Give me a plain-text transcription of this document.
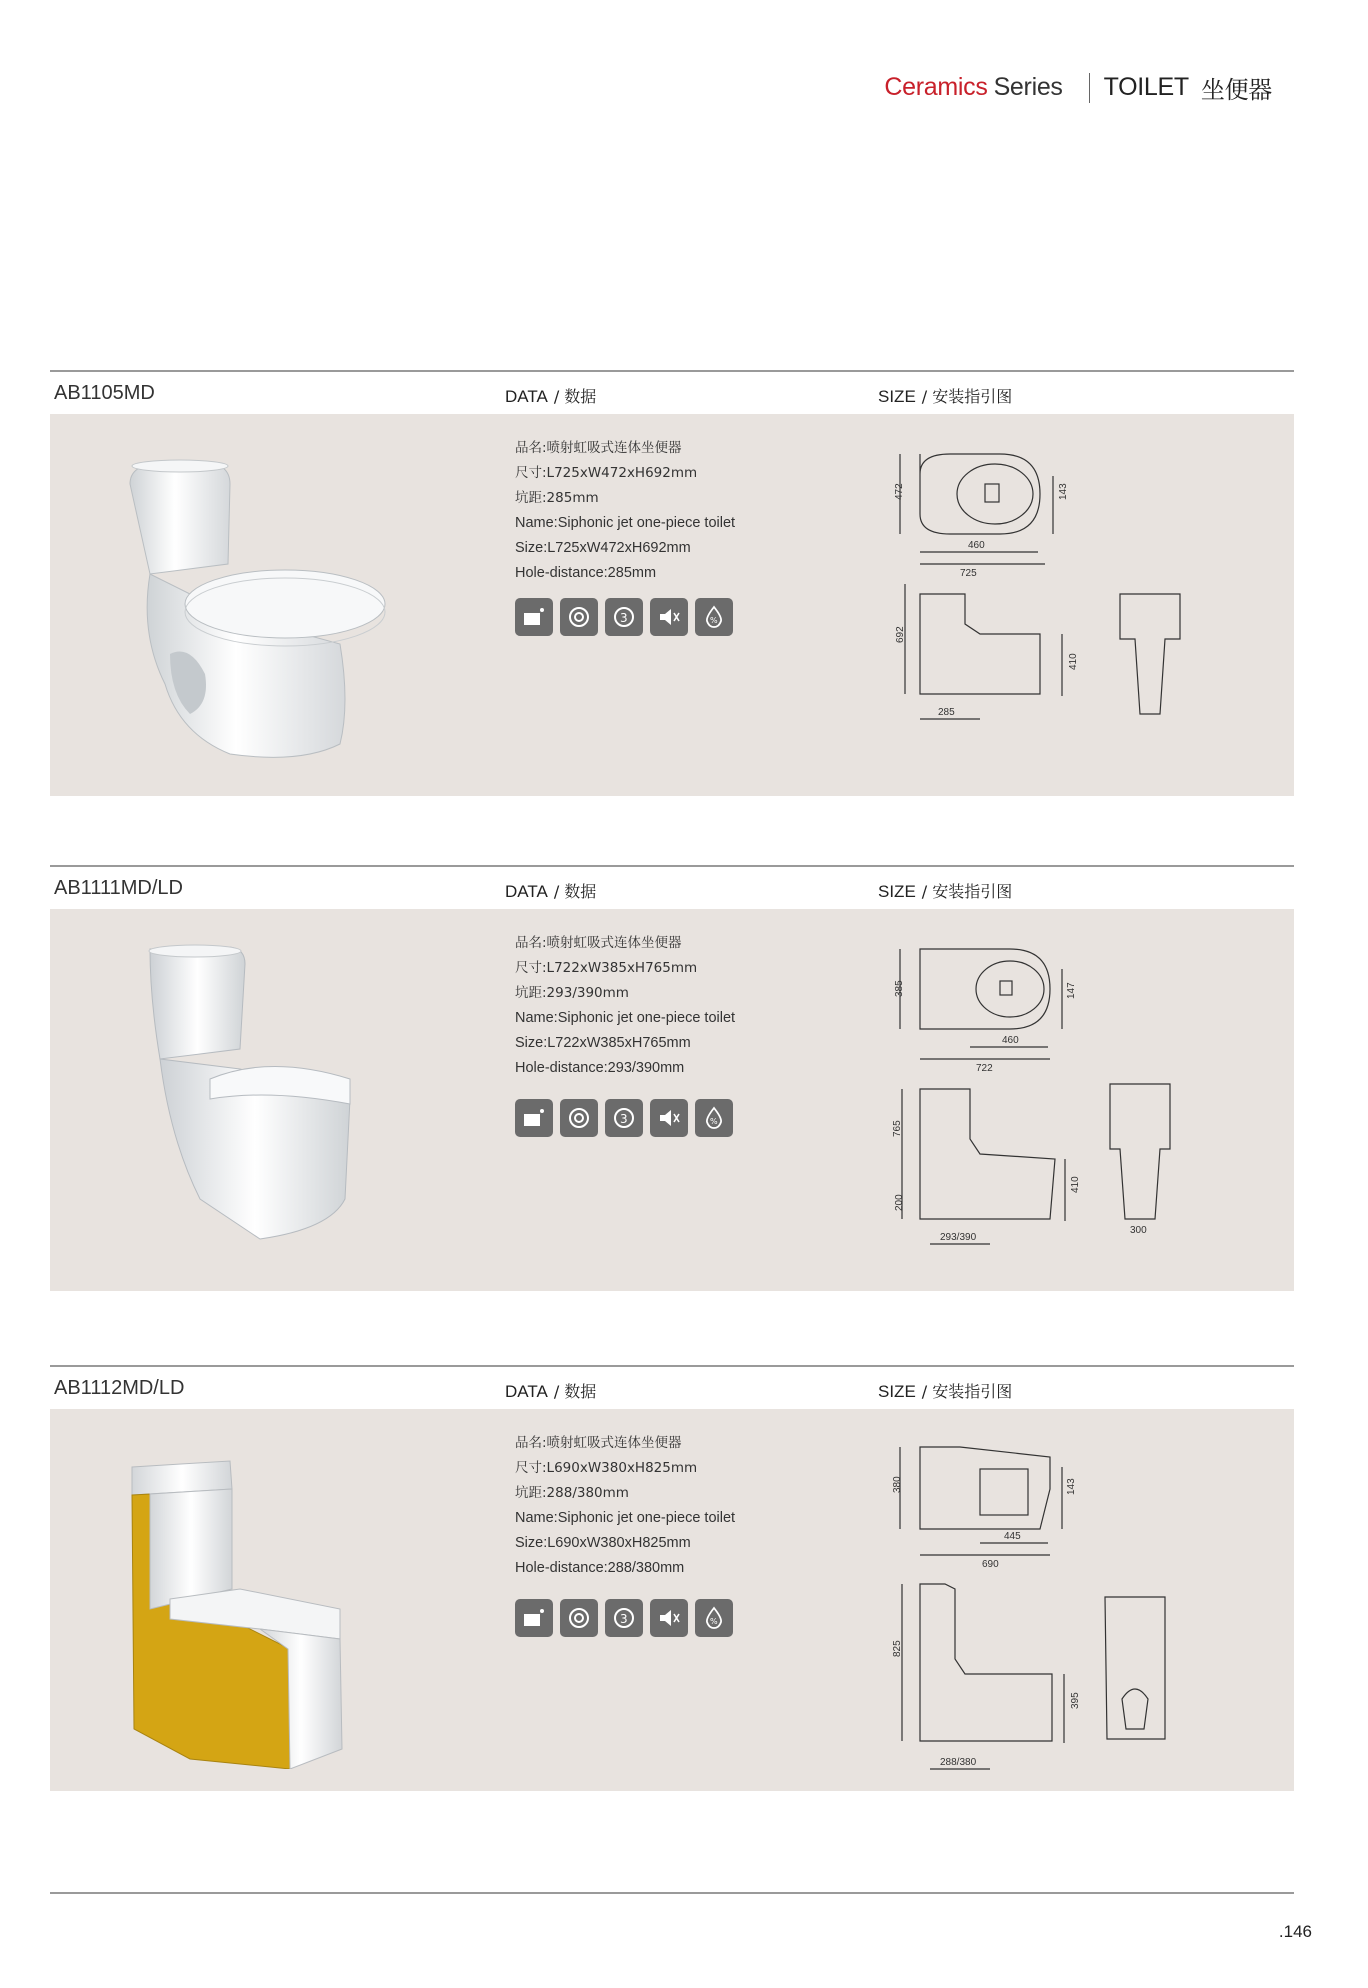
Ceramics Series TOILET 坐便器
AB1105MD	DATA / 数据	SIZE / 安装指引图
品名:喷射虹吸式连体坐便器
尺寸:L725xW472xH692mm
坑距:285mm
Name:Siphonic jet one-piece toilet
Size:L725xW472xH692mm
Hole-distance:285mm
3	%
472	143
460
725
692
410
285
AB1111MD/LD	DATA / 数据	SIZE / 安装指引图
品名:喷射虹吸式连体坐便器
尺寸:L722xW385xH765mm
坑距:293/390mm
Name:Siphonic jet one-piece toilet
Size:L722xW385xH765mm
Hole-distance:293/390mm
3	%
385	147
460
722
765
410
200
293/390
300
AB1112MD/LD	DATA / 数据	SIZE / 安装指引图
品名:喷射虹吸式连体坐便器
尺寸:L690xW380xH825mm
坑距:288/380mm
Name:Siphonic jet one-piece toilet
Size:L690xW380xH825mm
Hole-distance:288/380mm
3	%
380	143
445
690
825
395
288/380
.146
